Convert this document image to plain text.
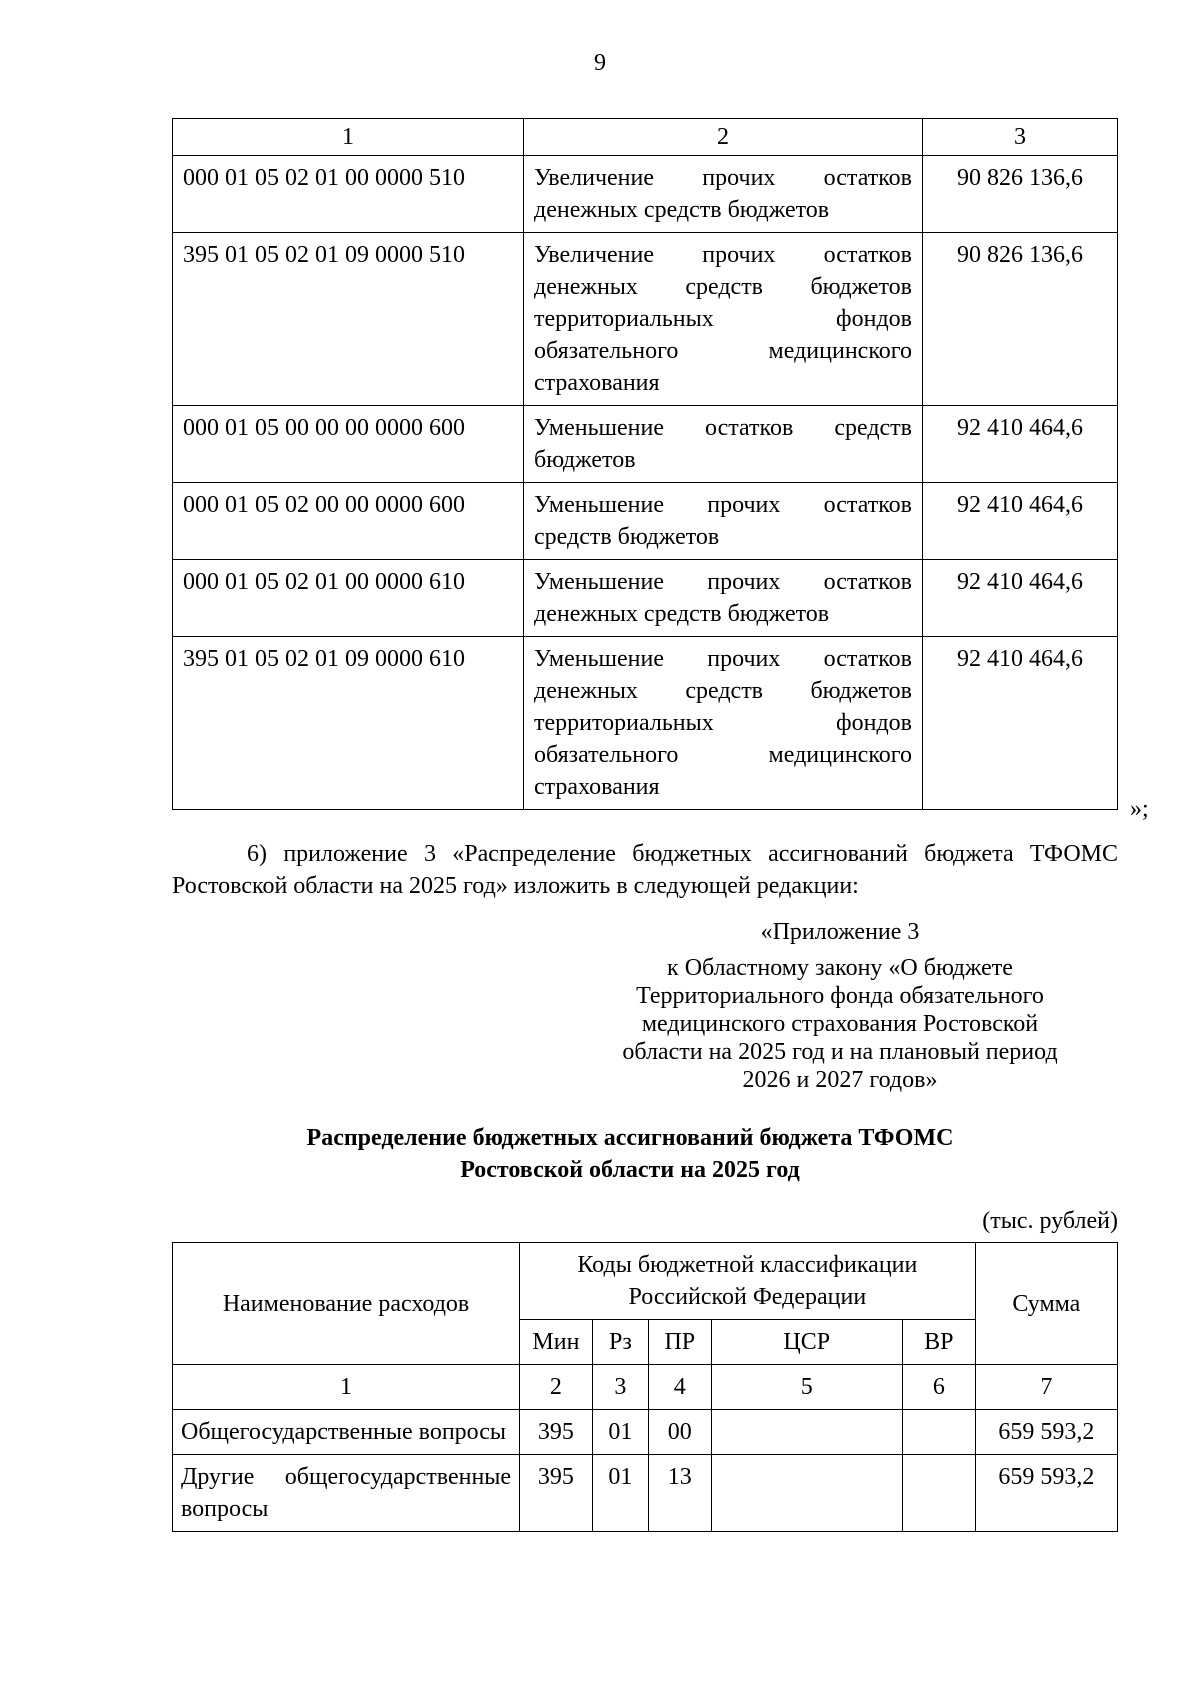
9
1	2	3
000 01 05 02 01 00 0000 510	Увеличение прочих остатков денежных средств бюджетов	90 826 136,6
395 01 05 02 01 09 0000 510	Увеличение прочих остатков денежных средств бюджетов территориальных фондов обязательного медицинского страхования	90 826 136,6
000 01 05 00 00 00 0000 600	Уменьшение остатков средств бюджетов	92 410 464,6
000 01 05 02 00 00 0000 600	Уменьшение прочих остатков средств бюджетов	92 410 464,6
000 01 05 02 01 00 0000 610	Уменьшение прочих остатков денежных средств бюджетов	92 410 464,6
395 01 05 02 01 09 0000 610	Уменьшение прочих остатков денежных средств бюджетов территориальных фондов обязательного медицинского страхования	92 410 464,6
»;
6) приложение 3 «Распределение бюджетных ассигнований бюджета ТФОМС Ростовской области на 2025 год» изложить в следующей редакции:
«Приложение 3
к Областному закону «О бюджете
Территориального фонда обязательного
медицинского страхования Ростовской
области на 2025 год и на плановый период
2026 и 2027 годов»
Распределение бюджетных ассигнований бюджета ТФОМС
Ростовской области на 2025 год
(тыс. рублей)
Наименование расходов	Коды бюджетной классификации Российской Федерации					Сумма
	Мин	Рз	ПР	ЦСР	ВР	
1	2	3	4	5	6	7
Общегосударственные вопросы	395	01	00			659 593,2
Другие общегосударственные вопросы	395	01	13			659 593,2
